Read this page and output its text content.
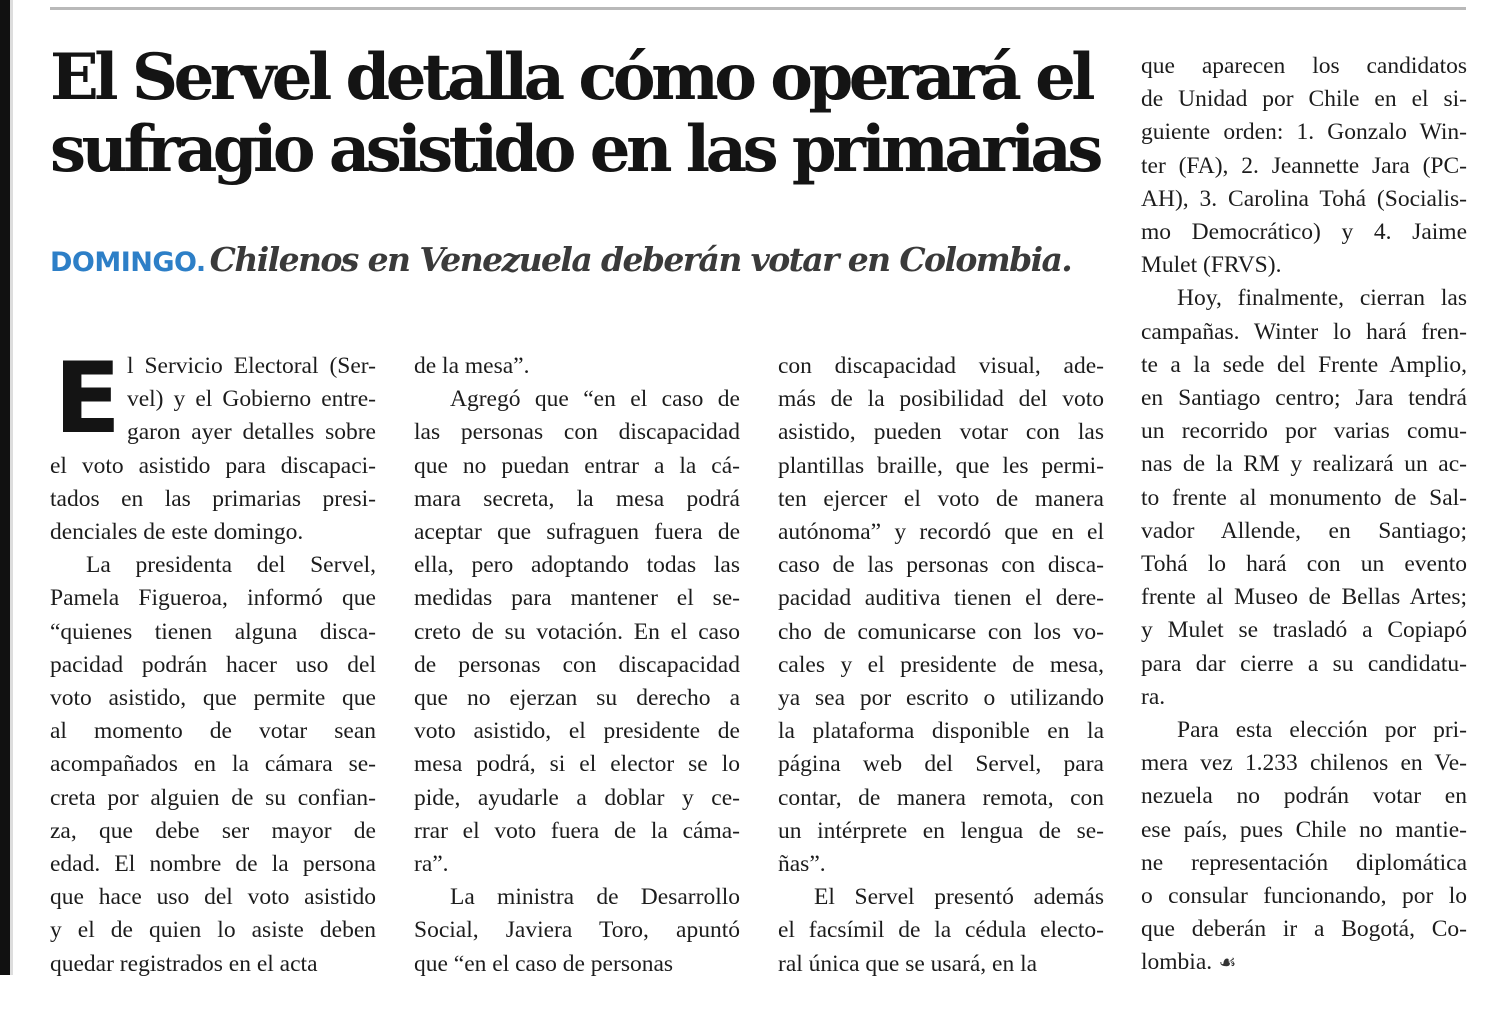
El Servel detalla cómo operará el
sufragio asistido en las primarias
DOMINGO. Chilenos en Venezuela deberán votar en Colombia.
E l Servicio Electoral (Ser-
vel) y el Gobierno entre-
garon ayer detalles sobre
el voto asistido para discapaci-
tados en las primarias presi-
denciales de este domingo.
La presidenta del Servel,
Pamela Figueroa, informó que
“quienes tienen alguna disca-
pacidad podrán hacer uso del
voto asistido, que permite que
al momento de votar sean
acompañados en la cámara se-
creta por alguien de su confian-
za, que debe ser mayor de
edad. El nombre de la persona
que hace uso del voto asistido
y el de quien lo asiste deben
quedar registrados en el acta
de la mesa”.
Agregó que “en el caso de
las personas con discapacidad
que no puedan entrar a la cá-
mara secreta, la mesa podrá
aceptar que sufraguen fuera de
ella, pero adoptando todas las
medidas para mantener el se-
creto de su votación. En el caso
de personas con discapacidad
que no ejerzan su derecho a
voto asistido, el presidente de
mesa podrá, si el elector se lo
pide, ayudarle a doblar y ce-
rrar el voto fuera de la cáma-
ra”.
La ministra de Desarrollo
Social, Javiera Toro, apuntó
que “en el caso de personas
con discapacidad visual, ade-
más de la posibilidad del voto
asistido, pueden votar con las
plantillas braille, que les permi-
ten ejercer el voto de manera
autónoma” y recordó que en el
caso de las personas con disca-
pacidad auditiva tienen el dere-
cho de comunicarse con los vo-
cales y el presidente de mesa,
ya sea por escrito o utilizando
la plataforma disponible en la
página web del Servel, para
contar, de manera remota, con
un intérprete en lengua de se-
ñas”.
El Servel presentó además
el facsímil de la cédula electo-
ral única que se usará, en la
que aparecen los candidatos
de Unidad por Chile en el si-
guiente orden: 1. Gonzalo Win-
ter (FA), 2. Jeannette Jara (PC-
AH), 3. Carolina Tohá (Socialis-
mo Democrático) y 4. Jaime
Mulet (FRVS).
Hoy, finalmente, cierran las
campañas. Winter lo hará fren-
te a la sede del Frente Amplio,
en Santiago centro; Jara tendrá
un recorrido por varias comu-
nas de la RM y realizará un ac-
to frente al monumento de Sal-
vador Allende, en Santiago;
Tohá lo hará con un evento
frente al Museo de Bellas Artes;
y Mulet se trasladó a Copiapó
para dar cierre a su candidatu-
ra.
Para esta elección por pri-
mera vez 1.233 chilenos en Ve-
nezuela no podrán votar en
ese país, pues Chile no mantie-
ne representación diplomática
o consular funcionando, por lo
que deberán ir a Bogotá, Co-
lombia. ☙
